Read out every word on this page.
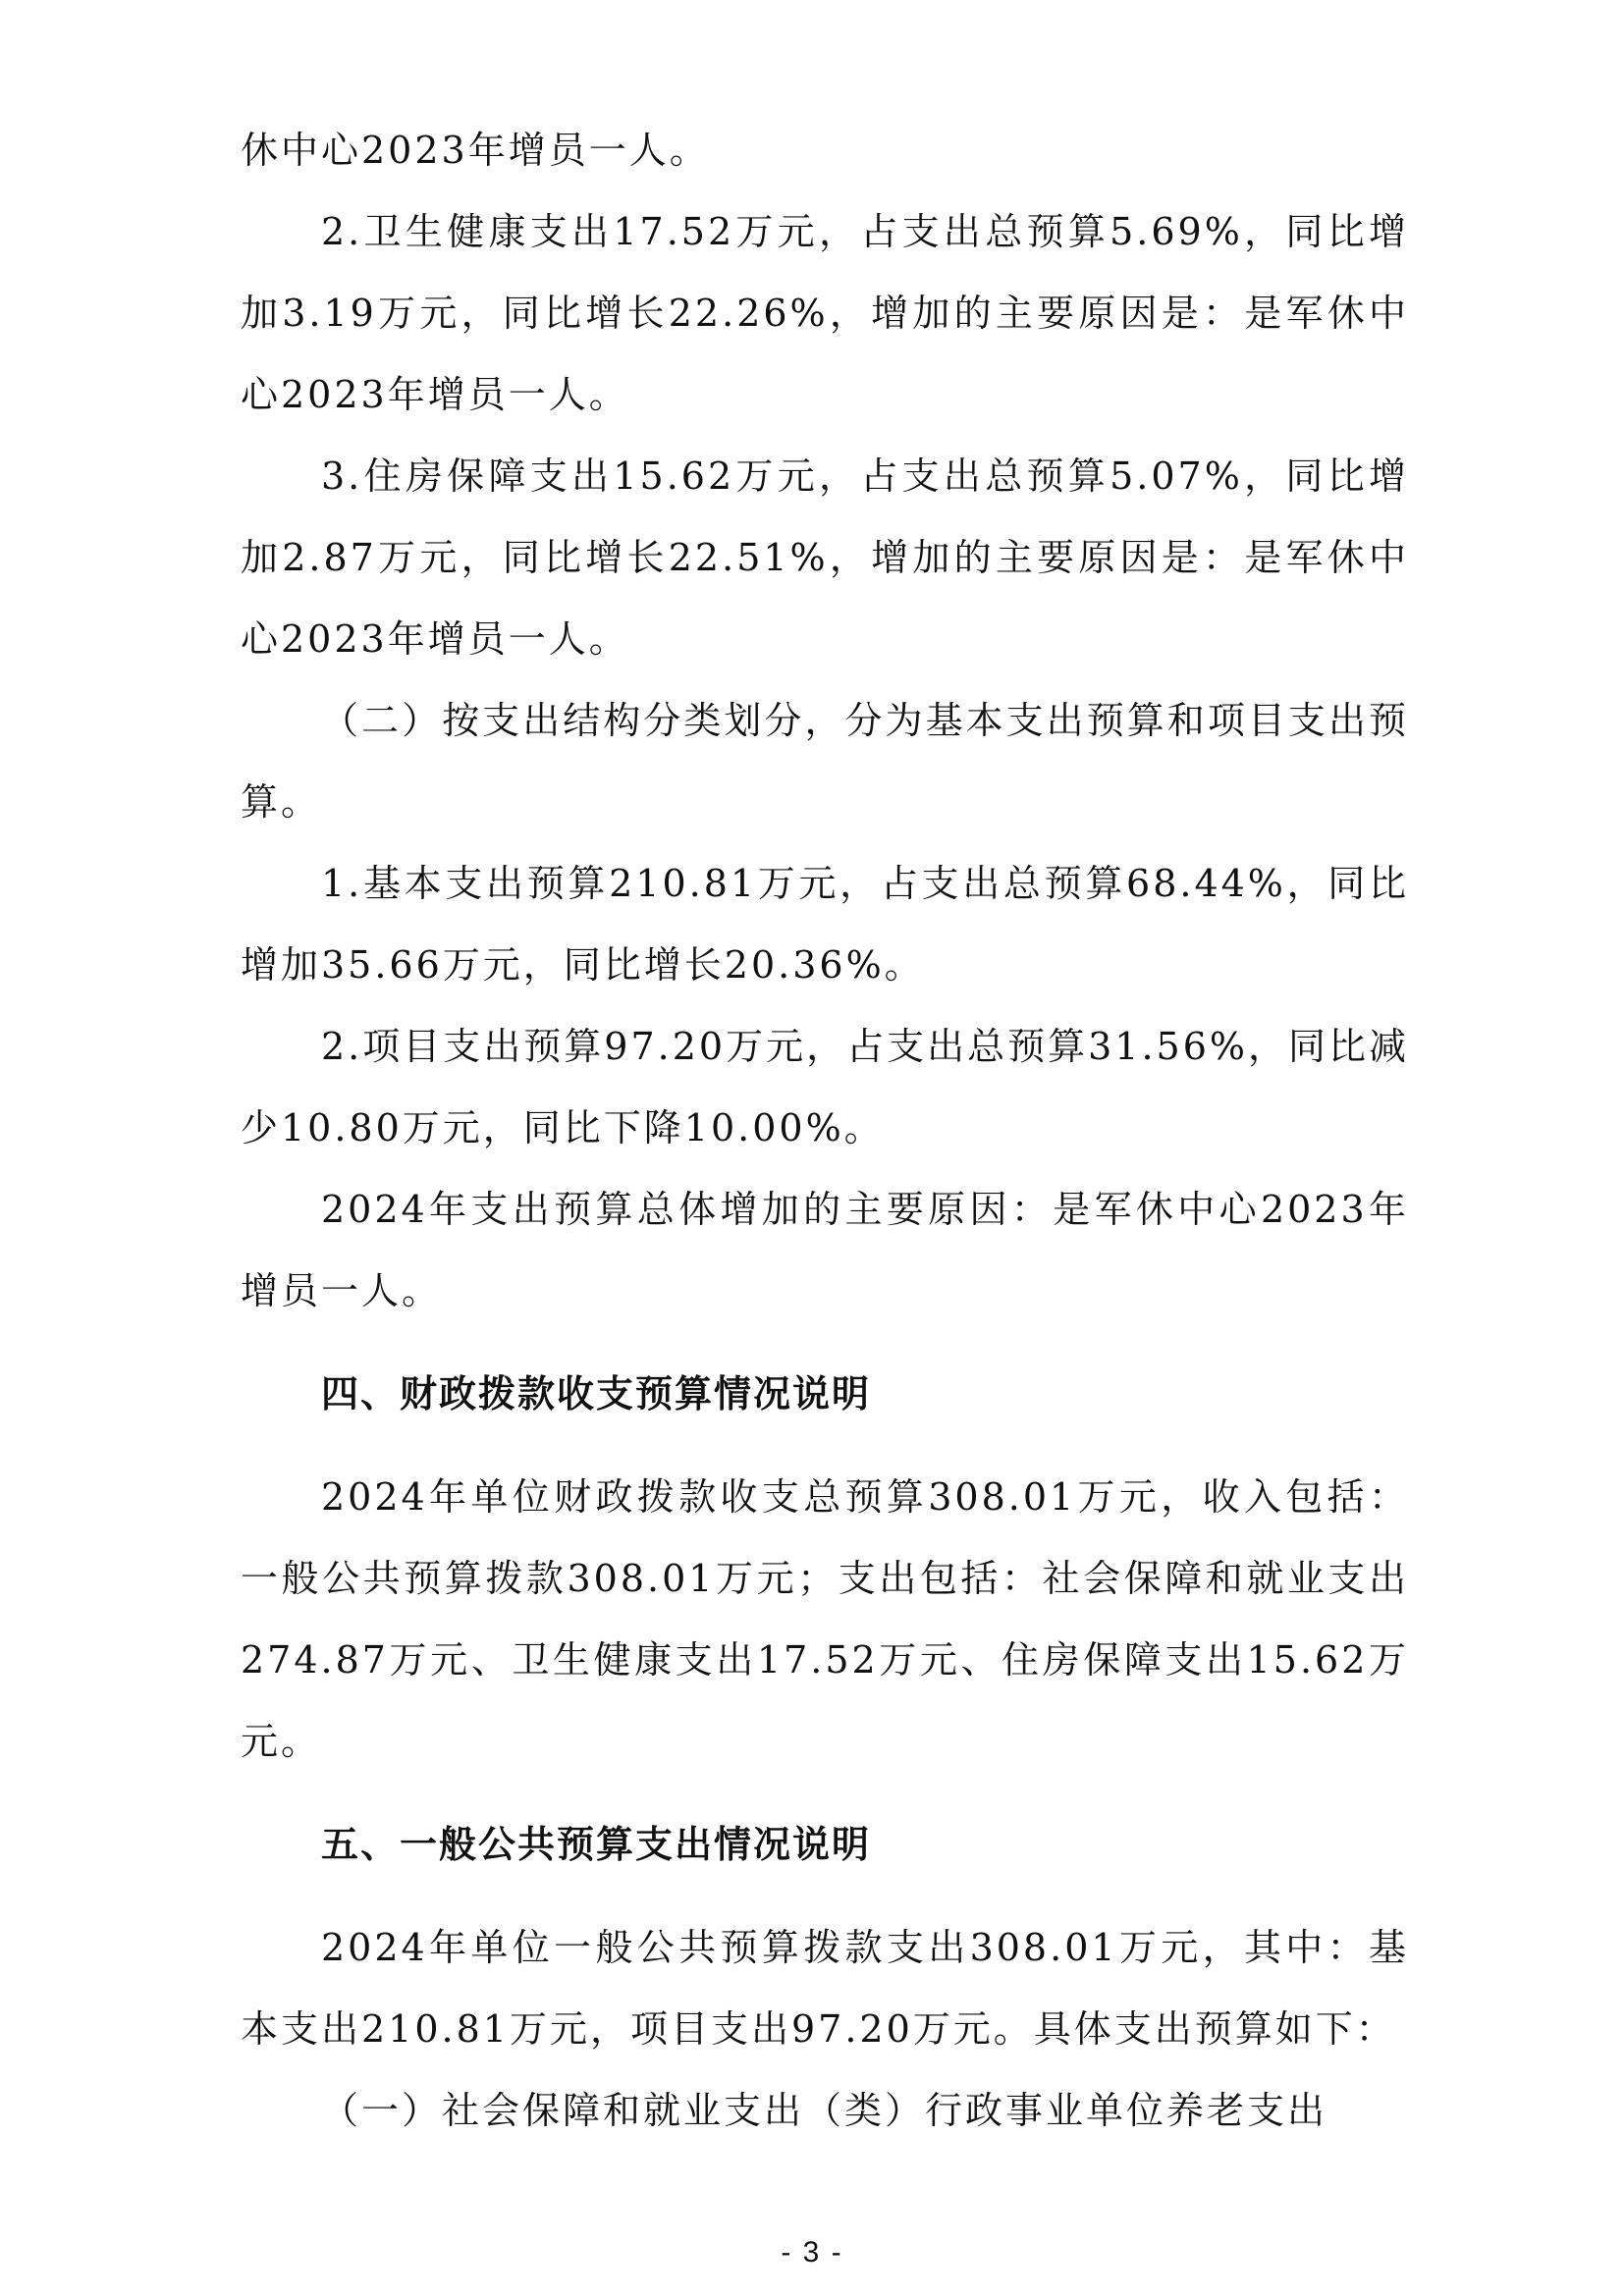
休中心2023年增员一人。

2.卫生健康支出17.52万元，占支出总预算5.69%，同比增加3.19万元，同比增长22.26%，增加的主要原因是：是军休中心2023年增员一人。

3.住房保障支出15.62万元，占支出总预算5.07%，同比增加2.87万元，同比增长22.51%，增加的主要原因是：是军休中心2023年增员一人。

（二）按支出结构分类划分，分为基本支出预算和项目支出预算。

1.基本支出预算210.81万元，占支出总预算68.44%，同比增加35.66万元，同比增长20.36%。

2.项目支出预算97.20万元，占支出总预算31.56%，同比减少10.80万元，同比下降10.00%。

2024年支出预算总体增加的主要原因：是军休中心2023年增员一人。

四、财政拨款收支预算情况说明

2024年单位财政拨款收支总预算308.01万元，收入包括：一般公共预算拨款308.01万元；支出包括：社会保障和就业支出274.87万元、卫生健康支出17.52万元、住房保障支出15.62万元。

五、一般公共预算支出情况说明

2024年单位一般公共预算拨款支出308.01万元，其中：基本支出210.81万元，项目支出97.20万元。具体支出预算如下：

（一）社会保障和就业支出（类）行政事业单位养老支出

- 3 -
